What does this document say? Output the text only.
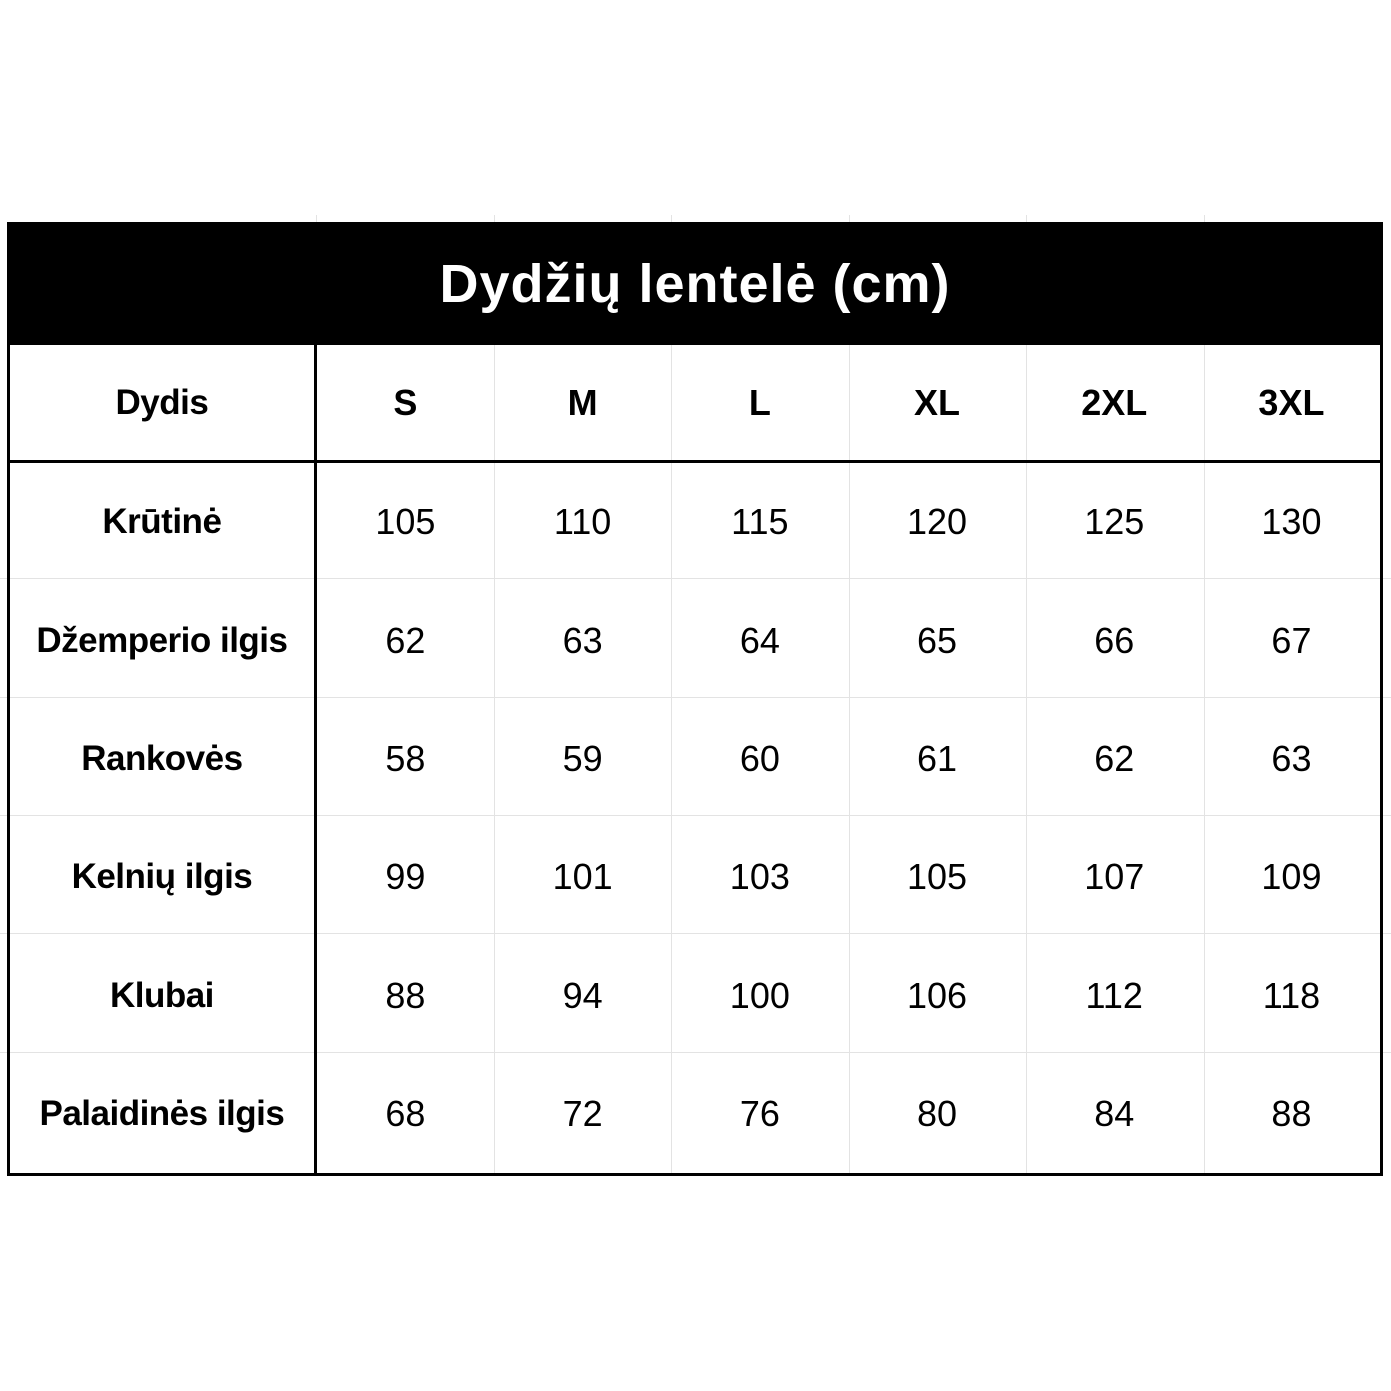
Dydžių lentelė (cm)
Dydis	S	M	L	XL	2XL	3XL
Krūtinė	105	110	115	120	125	130
Džemperio ilgis	62	63	64	65	66	67
Rankovės	58	59	60	61	62	63
Kelnių ilgis	99	101	103	105	107	109
Klubai	88	94	100	106	112	118
Palaidinės ilgis	68	72	76	80	84	88
